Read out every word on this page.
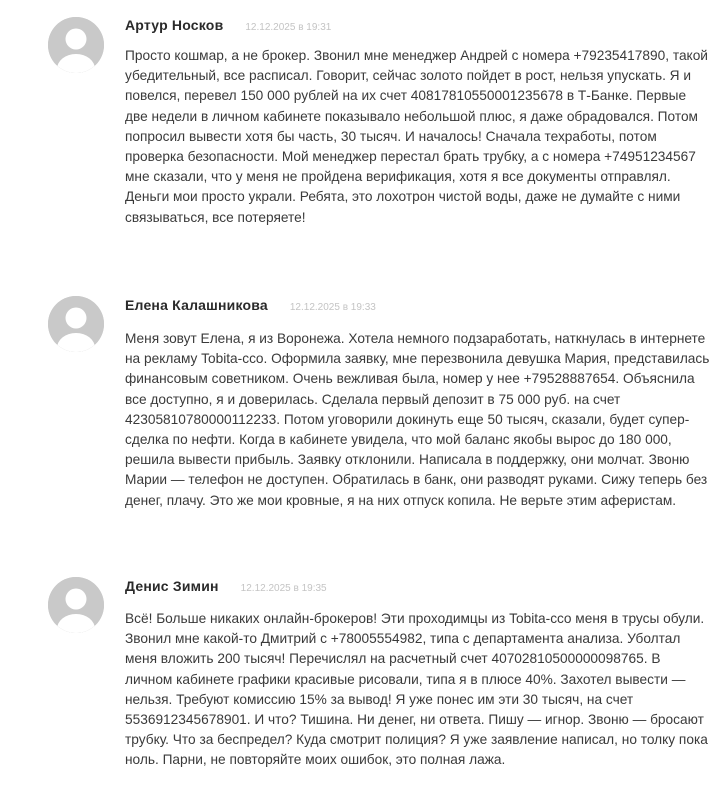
Артур Носков 12.12.2025 в 19:31

Просто кошмар, а не брокер. Звонил мне менеджер Андрей с номера +79235417890, такой убедительный, все расписал. Говорит, сейчас золото пойдет в рост, нельзя упускать. Я и повелся, перевел 150 000 рублей на их счет 40817810550001235678 в Т-Банке. Первые две недели в личном кабинете показывало небольшой плюс, я даже обрадовался. Потом попросил вывести хотя бы часть, 30 тысяч. И началось! Сначала техработы, потом проверка безопасности. Мой менеджер перестал брать трубку, а с номера +74951234567 мне сказали, что у меня не пройдена верификация, хотя я все документы отправлял. Деньги мои просто украли. Ребята, это лохотрон чистой воды, даже не думайте с ними связываться, все потеряете!

Елена Калашникова 12.12.2025 в 19:33

Меня зовут Елена, я из Воронежа. Хотела немного подзаработать, наткнулась в интернете на рекламу Tobita-cco. Оформила заявку, мне перезвонила девушка Мария, представилась финансовым советником. Очень вежливая была, номер у нее +79528887654. Объяснила все доступно, я и доверилась. Сделала первый депозит в 75 000 руб. на счет 42305810780000112233. Потом уговорили докинуть еще 50 тысяч, сказали, будет супер-сделка по нефти. Когда в кабинете увидела, что мой баланс якобы вырос до 180 000, решила вывести прибыль. Заявку отклонили. Написала в поддержку, они молчат. Звоню Марии — телефон не доступен. Обратилась в банк, они разводят руками. Сижу теперь без денег, плачу. Это же мои кровные, я на них отпуск копила. Не верьте этим аферистам.

Денис Зимин 12.12.2025 в 19:35

Всё! Больше никаких онлайн-брокеров! Эти проходимцы из Tobita-cco меня в трусы обули. Звонил мне какой-то Дмитрий с +78005554982, типа с департамента анализа. Уболтал меня вложить 200 тысяч! Перечислял на расчетный счет 40702810500000098765. В личном кабинете графики красивые рисовали, типа я в плюсе 40%. Захотел вывести — нельзя. Требуют комиссию 15% за вывод! Я уже понес им эти 30 тысяч, на счет 553691234567890​1. И что? Тишина. Ни денег, ни ответа. Пишу — игнор. Звоню — бросают трубку. Что за беспредел? Куда смотрит полиция? Я уже заявление написал, но толку пока ноль. Парни, не повторяйте моих ошибок, это полная лажа.
